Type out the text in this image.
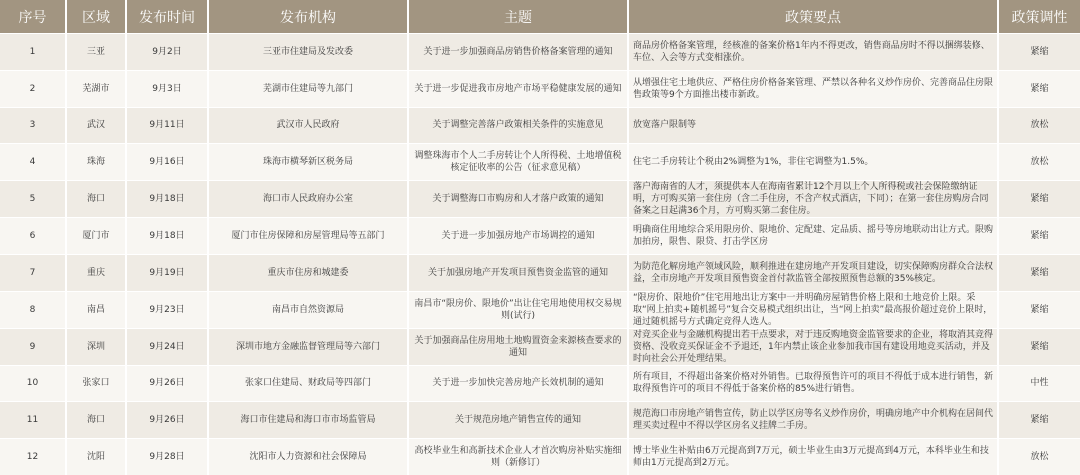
序号	区域	发布时间	发布机构	主题	政策要点	政策调性
1	三亚	9月2日	三亚市住建局及发改委	关于进一步加强商品房销售价格备案管理的通知	商品房价格备案管理，经核准的备案价格1年内不得更改，销售商品房时不得以捆绑装修、车位、入会等方式变相涨价。	紧缩
2	芜湖市	9月3日	芜湖市住建局等九部门	关于进一步促进我市房地产市场平稳健康发展的通知	从增强住宅土地供应、严格住房价格备案管理、严禁以各种名义炒作房价、完善商品住房限售政策等9个方面推出楼市新政。	紧缩
3	武汉	9月11日	武汉市人民政府	关于调整完善落户政策相关条件的实施意见	放宽落户限制等	放松
4	珠海	9月16日	珠海市横琴新区税务局	调整珠海市个人二手房转让个人所得税、土地增值税核定征收率的公告（征求意见稿）	住宅二手房转让个税由2%调整为1%，非住宅调整为1.5%。	放松
5	海口	9月18日	海口市人民政府办公室	关于调整海口市购房和人才落户政策的通知	落户海南省的人才，须提供本人在海南省累计12个月以上个人所得税或社会保险缴纳证明，方可购买第一套住房（含二手住房，不含产权式酒店，下同）；在第一套住房购房合同备案之日起满36个月，方可购买第二套住房。	紧缩
6	厦门市	9月18日	厦门市住房保障和房屋管理局等五部门	关于进一步加强房地产市场调控的通知	明确商住用地综合采用限房价、限地价、定配建、定品质、摇号等房地联动出让方式。限购加拍房，限售、限贷、打击学区房	紧缩
7	重庆	9月19日	重庆市住房和城建委	关于加强房地产开发项目预售资金监管的通知	为防范化解房地产领域风险，顺利推进在建房地产开发项目建设，切实保障购房群众合法权益，全市房地产开发项目预售资金首付款监管全部按照预售总额的35%核定。	紧缩
8	南昌	9月23日	南昌市自然资源局	南昌市“限房价、限地价”出让住宅用地使用权交易规则(试行)	“限房价、限地价”住宅用地出让方案中一并明确房屋销售价格上限和土地竞价上限。采取“网上拍卖+随机摇号”复合交易模式组织出让，当“网上拍卖”最高报价超过竞价上限时，通过随机摇号方式确定竞得人选人。	紧缩
9	深圳	9月24日	深圳市地方金融监督管理局等六部门	关于加强商品住房用地土地购置资金来源核查要求的通知	对竞买企业与金融机构提出若干点要求，对于违反购地资金监管要求的企业，将取消其竞得资格、没收竞买保证金不予退还，1年内禁止该企业参加我市国有建设用地竞买活动，并及时向社会公开处理结果。	紧缩
10	张家口	9月26日	张家口住建局、财政局等四部门	关于进一步加快完善房地产长效机制的通知	所有项目，不得超出备案价格对外销售。已取得预售许可的项目不得低于成本进行销售，新取得预售许可的项目不得低于备案价格的85%进行销售。	中性
11	海口	9月26日	海口市住建局和海口市市场监管局	关于规范房地产销售宣传的通知	规范海口市房地产销售宣传，防止以学区房等名义炒作房价，明确房地产中介机构在居间代理买卖过程中不得以学区房名义挂牌二手房。	紧缩
12	沈阳	9月28日	沈阳市人力资源和社会保障局	高校毕业生和高新技术企业人才首次购房补贴实施细则（新修订）	博士毕业生补贴由6万元提高到7万元，硕士毕业生由3万元提高到4万元，本科毕业生和技师由1万元提高到2万元。	放松
